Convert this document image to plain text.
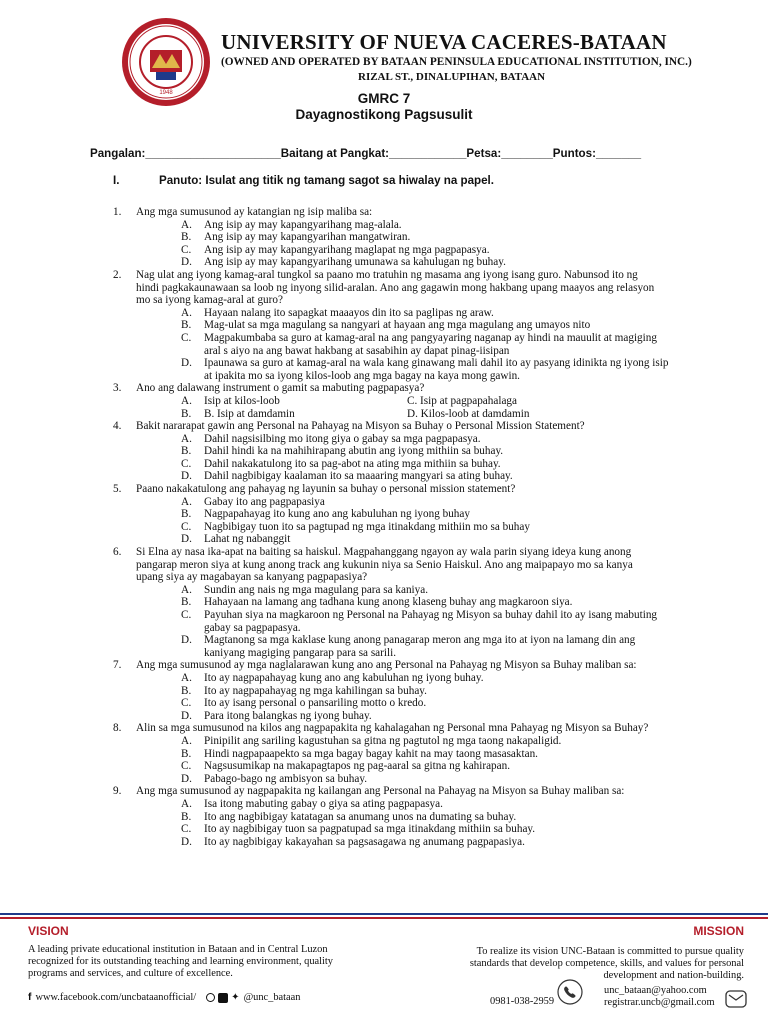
1948
UNIVERSITY OF NUEVA CACERES-BATAAN
(OWNED AND OPERATED BY BATAAN PENINSULA EDUCATIONAL INSTITUTION, INC.)
RIZAL ST., DINALUPIHAN, BATAAN
GMRC 7
Dayagnostikong Pagsusulit
Pangalan:_____________________Baitang at Pangkat:____________Petsa:________Puntos:_______
I.	Panuto: Isulat ang titik ng tamang sagot sa hiwalay na papel.
1. Ang mga sumusunod ay katangian ng isip maliba sa:
A. Ang isip ay may kapangyarihang mag-alala.
B. Ang isip ay may kapangyarihan mangatwiran.
C. Ang isip ay may kapangyarihang maglapat ng mga pagpapasya.
D. Ang isip ay may kapangyarihang umunawa sa kahulugan ng buhay.
2. Nag ulat ang iyong kamag-aral tungkol sa paano mo tratuhin ng masama ang iyong isang guro. Nabunsod ito ng hindi pagkakaunawaan sa loob ng inyong silid-aralan. Ano ang gagawin mong hakbang upang maayos ang relasyon mo sa iyong kamag-aral at guro?
A. Hayaan nalang ito sapagkat maaayos din ito sa paglipas ng araw.
B. Mag-ulat sa mga magulang sa nangyari at hayaan ang mga magulang ang umayos nito
C. Magpakumbaba sa guro at kamag-aral na ang pangyayaring naganap ay hindi na mauulit at magiging aral s aiyo na ang bawat hakbang at sasabihin ay dapat pinag-iisipan
D. Ipaunawa sa guro at kamag-aral na wala kang ginawang mali dahil ito ay pasyang idinikta ng iyong isip at ipakita mo sa iyong kilos-loob ang mga bagay na kaya mong gawin.
3. Ano ang dalawang instrument o gamit sa mabuting pagpapasya?
A. Isip at kilos-loob	C. Isip at pagpapahalaga
B. B. Isip at damdamin	D. Kilos-loob at damdamin
4. Bakit nararapat gawin ang Personal na Pahayag na Misyon sa Buhay o Personal Mission Statement?
A. Dahil nagsisilbing mo itong giya o gabay sa mga pagpapasya.
B. Dahil hindi ka na mahihirapang abutin ang iyong mithiin sa buhay.
C. Dahil nakakatulong ito sa pag-abot na ating mga mithiin sa buhay.
D. Dahil nagbibigay kaalaman ito sa maaaring mangyari sa ating buhay.
5. Paano nakakatulong ang pahayag ng layunin sa buhay o personal mission statement?
A. Gabay ito ang pagpapasiya
B. Nagpapahayag ito kung ano ang kabuluhan ng iyong buhay
C. Nagbibigay tuon ito sa pagtupad ng mga itinakdang mithiin mo sa buhay
D. Lahat ng nabanggit
6. Si Elna ay nasa ika-apat na baiting sa haiskul. Magpahanggang ngayon ay wala parin siyang ideya kung anong pangarap meron siya at kung anong track ang kukunin niya sa Senio Haiskul. Ano ang maipapayo mo sa kanya upang siya ay magabayan sa kanyang pagpapasiya?
A. Sundin ang nais ng mga magulang para sa kaniya.
B. Hahayaan na lamang ang tadhana kung anong klaseng buhay ang magkaroon siya.
C. Payuhan siya na magkaroon ng Personal na Pahayag ng Misyon sa buhay dahil ito ay isang mabuting gabay sa pagpapasya.
D. Magtanong sa mga kaklase kung anong panagarap meron ang mga ito at iyon na lamang din ang kaniyang magiging pangarap para sa sarili.
7. Ang mga sumusunod ay mga naglalarawan kung ano ang Personal na Pahayag ng Misyon sa Buhay maliban sa:
A. Ito ay nagpapahayag kung ano ang kabuluhan ng iyong buhay.
B. Ito ay nagpapahayag ng mga kahilingan sa buhay.
C. Ito ay isang personal o pansariling motto o kredo.
D. Para itong balangkas ng iyong buhay.
8. Alin sa mga sumusunod na kilos ang nagpapakita ng kahalagahan ng Personal mna Pahayag ng Misyon sa Buhay?
A. Pinipilit ang sariling kagustuhan sa gitna ng pagtutol ng mga taong nakapaligid.
B. Hindi nagpapaapekto sa mga bagay bagay kahit na may taong masasaktan.
C. Nagsusumikap na makapagtapos ng pag-aaral sa gitna ng kahirapan.
D. Pabago-bago ng ambisyon sa buhay.
9. Ang mga sumusunod ay nagpapakita ng kailangan ang Personal na Pahayag na Misyon sa Buhay maliban sa:
A. Isa itong mabuting gabay o giya sa ating pagpapasya.
B. Ito ang nagbibigay katatagan sa anumang unos na dumating sa buhay.
C. Ito ay nagbibigay tuon sa pagpatupad sa mga itinakdang mithiin sa buhay.
D. Ito ay nagbibigay kakayahan sa pagsasagawa ng anumang pagpapasiya.
VISION	MISSION
A leading private educational institution in Bataan and in Central Luzon recognized for its outstanding teaching and learning environment, quality programs and services, and culture of excellence.
To realize its vision UNC-Bataan is committed to pursue quality standards that develop competence, skills, and values for personal development and nation-building.
f www.facebook.com/uncbataanofficial/	✦ @unc_bataan	0981-038-2959
unc_bataan@yahoo.com
registrar.uncb@gmail.com
